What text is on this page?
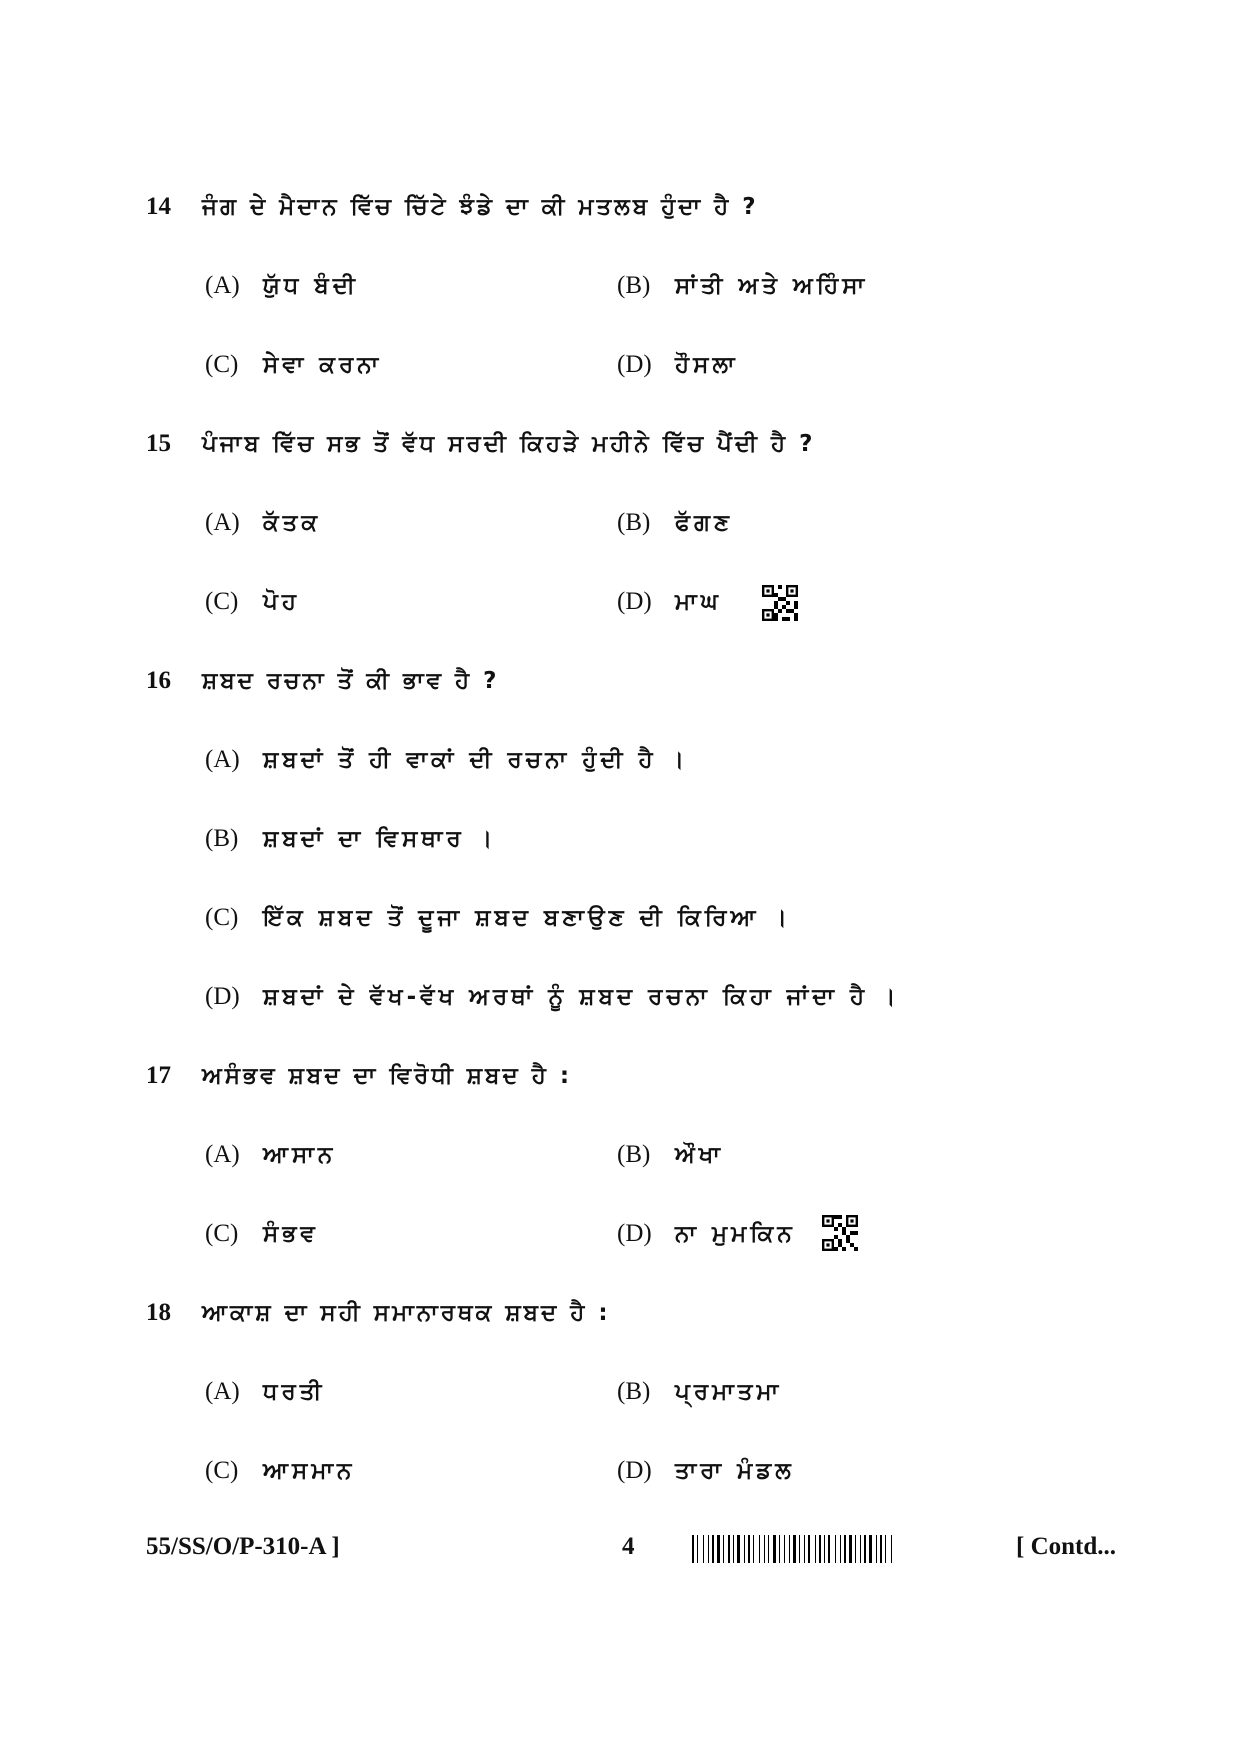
14 ਜੰਗ ਦੇ ਮੈਦਾਨ ਵਿੱਚ ਚਿੱਟੇ ਝੰਡੇ ਦਾ ਕੀ ਮਤਲਬ ਹੁੰਦਾ ਹੈ ?
(A) ਯੁੱਧ ਬੰਦੀ	(B) ਸਾਂਤੀ ਅਤੇ ਅਹਿੰਸਾ
(C) ਸੇਵਾ ਕਰਨਾ	(D) ਹੌਸਲਾ
15 ਪੰਜਾਬ ਵਿੱਚ ਸਭ ਤੋਂ ਵੱਧ ਸਰਦੀ ਕਿਹੜੇ ਮਹੀਨੇ ਵਿੱਚ ਪੈਂਦੀ ਹੈ ?
(A) ਕੱਤਕ	(B) ਫੱਗਣ
(C) ਪੋਹ	(D) ਮਾਘ
16 ਸ਼ਬਦ ਰਚਨਾ ਤੋਂ ਕੀ ਭਾਵ ਹੈ ?
(A) ਸ਼ਬਦਾਂ ਤੋਂ ਹੀ ਵਾਕਾਂ ਦੀ ਰਚਨਾ ਹੁੰਦੀ ਹੈ ।
(B) ਸ਼ਬਦਾਂ ਦਾ ਵਿਸਥਾਰ ।
(C) ਇੱਕ ਸ਼ਬਦ ਤੋਂ ਦੂਜਾ ਸ਼ਬਦ ਬਣਾਉਣ ਦੀ ਕਿਰਿਆ ।
(D) ਸ਼ਬਦਾਂ ਦੇ ਵੱਖ-ਵੱਖ ਅਰਥਾਂ ਨੂੰ ਸ਼ਬਦ ਰਚਨਾ ਕਿਹਾ ਜਾਂਦਾ ਹੈ ।
17 ਅਸੰਭਵ ਸ਼ਬਦ ਦਾ ਵਿਰੋਧੀ ਸ਼ਬਦ ਹੈ :
(A) ਆਸਾਨ	(B) ਔਖਾ
(C) ਸੰਭਵ	(D) ਨਾ ਮੁਮਕਿਨ
18 ਆਕਾਸ਼ ਦਾ ਸਹੀ ਸਮਾਨਾਰਥਕ ਸ਼ਬਦ ਹੈ :
(A) ਧਰਤੀ	(B) ਪ੍ਰਮਾਤਮਾ
(C) ਆਸਮਾਨ	(D) ਤਾਰਾ ਮੰਡਲ
55/SS/O/P-310-A ]	4	[ Contd...
